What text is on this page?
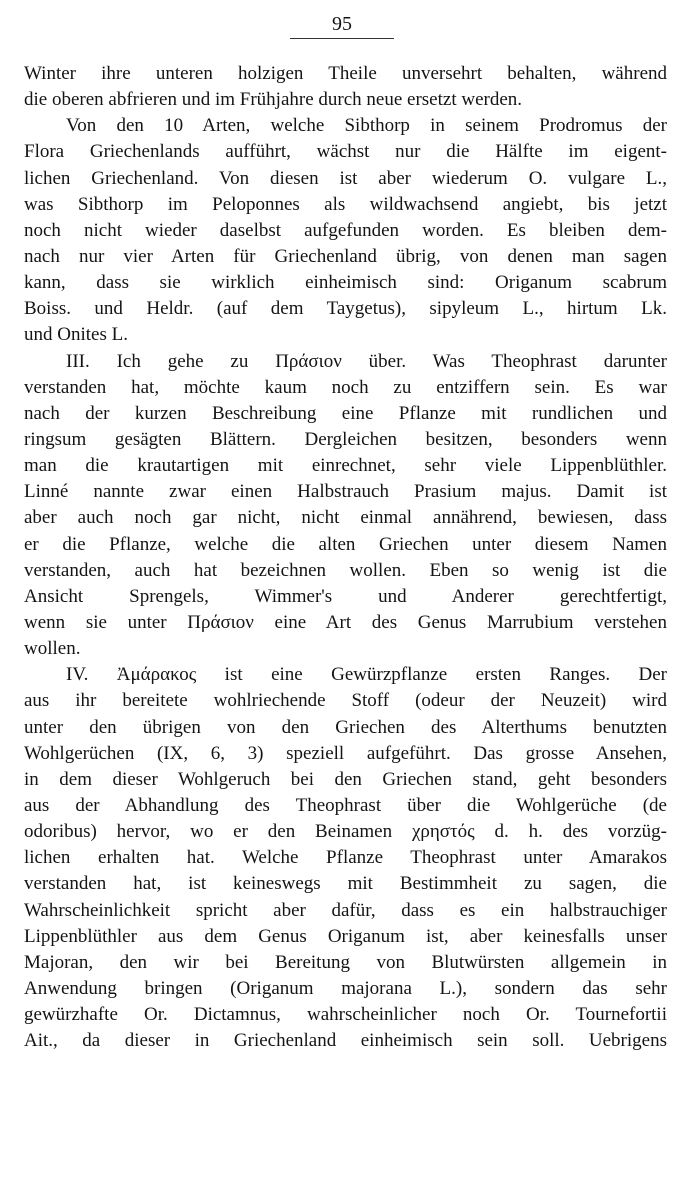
95
Winter ihre unteren holzigen Theile unversehrt behalten, während
die oberen abfrieren und im Frühjahre durch neue ersetzt werden.
Von den 10 Arten, welche Sibthorp in seinem Prodromus der
Flora Griechenlands aufführt, wächst nur die Hälfte im eigent-
lichen Griechenland. Von diesen ist aber wiederum O. vulgare L.,
was Sibthorp im Peloponnes als wildwachsend angiebt, bis jetzt
noch nicht wieder daselbst aufgefunden worden. Es bleiben dem-
nach nur vier Arten für Griechenland übrig, von denen man sagen
kann, dass sie wirklich einheimisch sind: Origanum scabrum
Boiss. und Heldr. (auf dem Taygetus), sipyleum L., hirtum Lk.
und Onites L.
III. Ich gehe zu Πράσιον über. Was Theophrast darunter
verstanden hat, möchte kaum noch zu entziffern sein. Es war
nach der kurzen Beschreibung eine Pflanze mit rundlichen und
ringsum gesägten Blättern. Dergleichen besitzen, besonders wenn
man die krautartigen mit einrechnet, sehr viele Lippenblüthler.
Linné nannte zwar einen Halbstrauch Prasium majus. Damit ist
aber auch noch gar nicht, nicht einmal annährend, bewiesen, dass
er die Pflanze, welche die alten Griechen unter diesem Namen
verstanden, auch hat bezeichnen wollen. Eben so wenig ist die
Ansicht Sprengels, Wimmer's und Anderer gerechtfertigt,
wenn sie unter Πράσιον eine Art des Genus Marrubium verstehen
wollen.
IV. Ἀμάρακος ist eine Gewürzpflanze ersten Ranges. Der
aus ihr bereitete wohlriechende Stoff (odeur der Neuzeit) wird
unter den übrigen von den Griechen des Alterthums benutzten
Wohlgerüchen (IX, 6, 3) speziell aufgeführt. Das grosse Ansehen,
in dem dieser Wohlgeruch bei den Griechen stand, geht besonders
aus der Abhandlung des Theophrast über die Wohlgerüche (de
odoribus) hervor, wo er den Beinamen χρηστός d. h. des vorzüg-
lichen erhalten hat. Welche Pflanze Theophrast unter Amarakos
verstanden hat, ist keineswegs mit Bestimmheit zu sagen, die
Wahrscheinlichkeit spricht aber dafür, dass es ein halbstrauchiger
Lippenblüthler aus dem Genus Origanum ist, aber keinesfalls unser
Majoran, den wir bei Bereitung von Blutwürsten allgemein in
Anwendung bringen (Origanum majorana L.), sondern das sehr
gewürzhafte Or. Dictamnus, wahrscheinlicher noch Or. Tournefortii
Ait., da dieser in Griechenland einheimisch sein soll. Uebrigens
